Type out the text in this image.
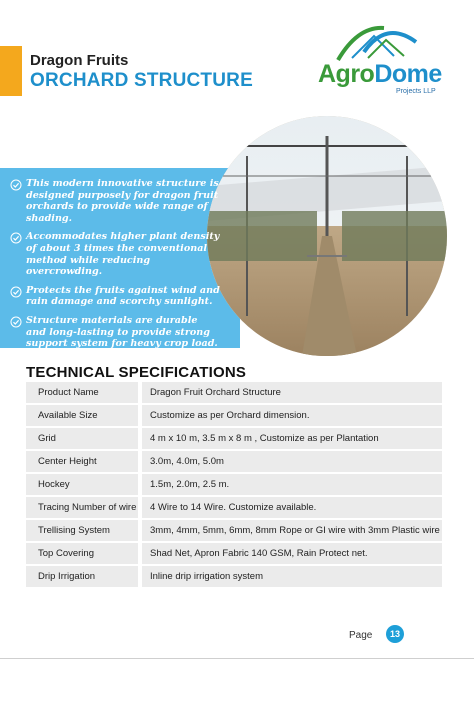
Dragon Fruits
ORCHARD STRUCTURE	AgroDome
Projects LLP
This modern innovative structure is designed purposely for dragon fruit orchards to provide wide range of shading.
Accommodates higher plant density of about 3 times the conventional method while reducing overcrowding.
Protects the fruits against wind and rain damage and scorchy sunlight.
Structure materials are durable and long-lasting to provide strong support system for heavy crop load.
TECHNICAL SPECIFICATIONS
Product Name	Dragon Fruit Orchard Structure
Available Size	Customize as per Orchard dimension.
Grid	4 m x 10 m, 3.5 m x 8 m , Customize as per Plantation
Center Height	3.0m, 4.0m, 5.0m
Hockey	1.5m, 2.0m, 2.5 m.
Tracing Number of wire	4 Wire to 14 Wire. Customize available.
Trellising System	3mm, 4mm, 5mm, 6mm, 8mm Rope or GI wire with 3mm Plastic wire
Top Covering	Shad Net, Apron Fabric 140 GSM, Rain Protect net.
Drip Irrigation	Inline drip irrigation system
Page	13
